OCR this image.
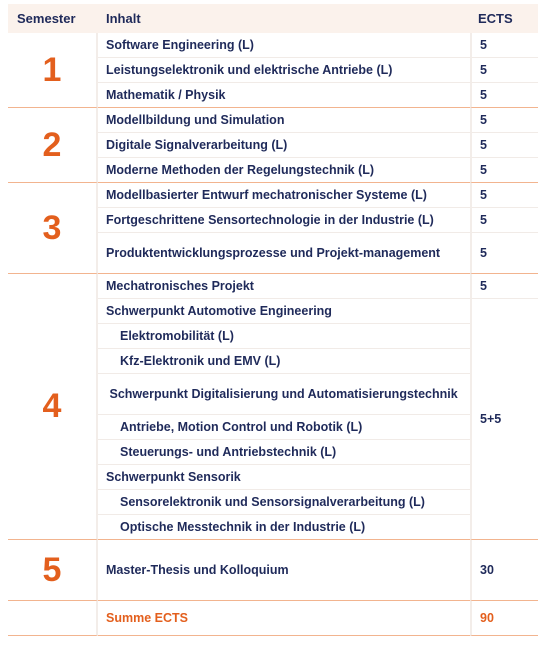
Semester	Inhalt	ECTS
1	Software Engineering (L)	5
	Leistungselektronik und elektrische Antriebe (L)	5
	Mathematik / Physik	5
2	Modellbildung und Simulation	5
	Digitale Signalverarbeitung (L)	5
	Moderne Methoden der Regelungstechnik (L)	5
3	Modellbasierter Entwurf mechatronischer Systeme (L)	5
	Fortgeschrittene Sensortechnologie in der Industrie (L)	5
	Produktentwicklungsprozesse und Projekt-management	5
4	Mechatronisches Projekt	5
	Schwerpunkt Automotive Engineering	5+5
	Elektromobilität (L)	
	Kfz-Elektronik und EMV (L)	
	Schwerpunkt Digitalisierung und Automatisierungstechnik	
	Antriebe, Motion Control und Robotik (L)	
	Steuerungs- und Antriebstechnik (L)	
	Schwerpunkt Sensorik	
	Sensorelektronik und Sensorsignalverarbeitung (L)	
	Optische Messtechnik in der Industrie (L)	
5	Master-Thesis und Kolloquium	30
	Summe ECTS	90
